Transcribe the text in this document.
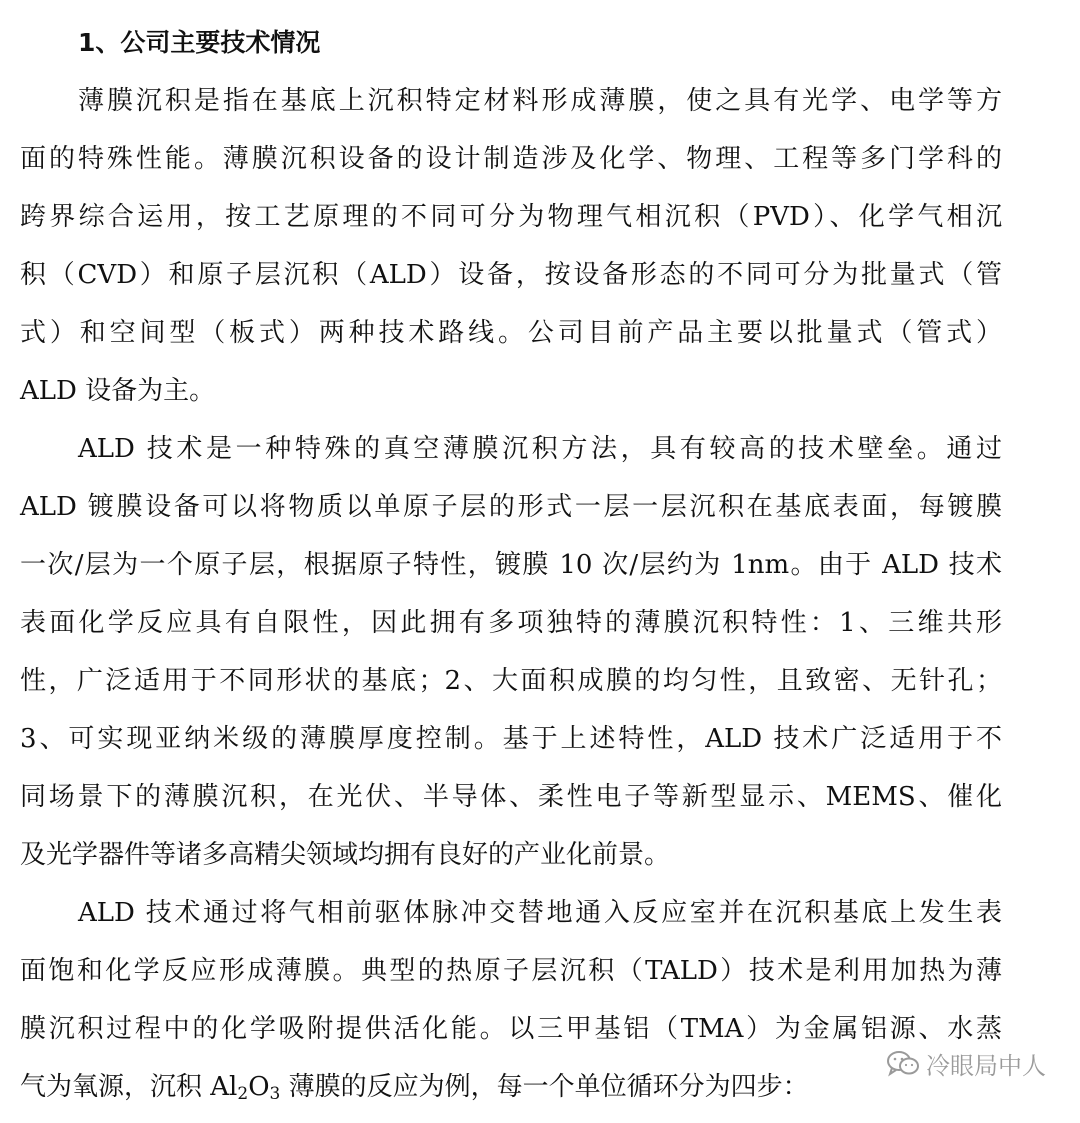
1、公司主要技术情况
薄膜沉积是指在基底上沉积特定材料形成薄膜，使之具有光学、电学等方
面的特殊性能。薄膜沉积设备的设计制造涉及化学、物理、工程等多门学科的
跨界综合运用，按工艺原理的不同可分为物理气相沉积（PVD）、化学气相沉
积（CVD）和原子层沉积（ALD）设备，按设备形态的不同可分为批量式（管
式）和空间型（板式）两种技术路线。公司目前产品主要以批量式（管式）
ALD 设备为主。
ALD 技术是一种特殊的真空薄膜沉积方法，具有较高的技术壁垒。通过
ALD 镀膜设备可以将物质以单原子层的形式一层一层沉积在基底表面，每镀膜
一次/层为一个原子层，根据原子特性，镀膜 10 次/层约为 1nm。由于 ALD 技术
表面化学反应具有自限性，因此拥有多项独特的薄膜沉积特性：1、三维共形
性，广泛适用于不同形状的基底；2、大面积成膜的均匀性，且致密、无针孔；
3、可实现亚纳米级的薄膜厚度控制。基于上述特性，ALD 技术广泛适用于不
同场景下的薄膜沉积，在光伏、半导体、柔性电子等新型显示、MEMS、催化
及光学器件等诸多高精尖领域均拥有良好的产业化前景。
ALD 技术通过将气相前驱体脉冲交替地通入反应室并在沉积基底上发生表
面饱和化学反应形成薄膜。典型的热原子层沉积（TALD）技术是利用加热为薄
膜沉积过程中的化学吸附提供活化能。以三甲基铝（TMA）为金属铝源、水蒸
气为氧源，沉积 $Al_2O_3$ 薄膜的反应为例，每一个单位循环分为四步：
冷眼局中人
